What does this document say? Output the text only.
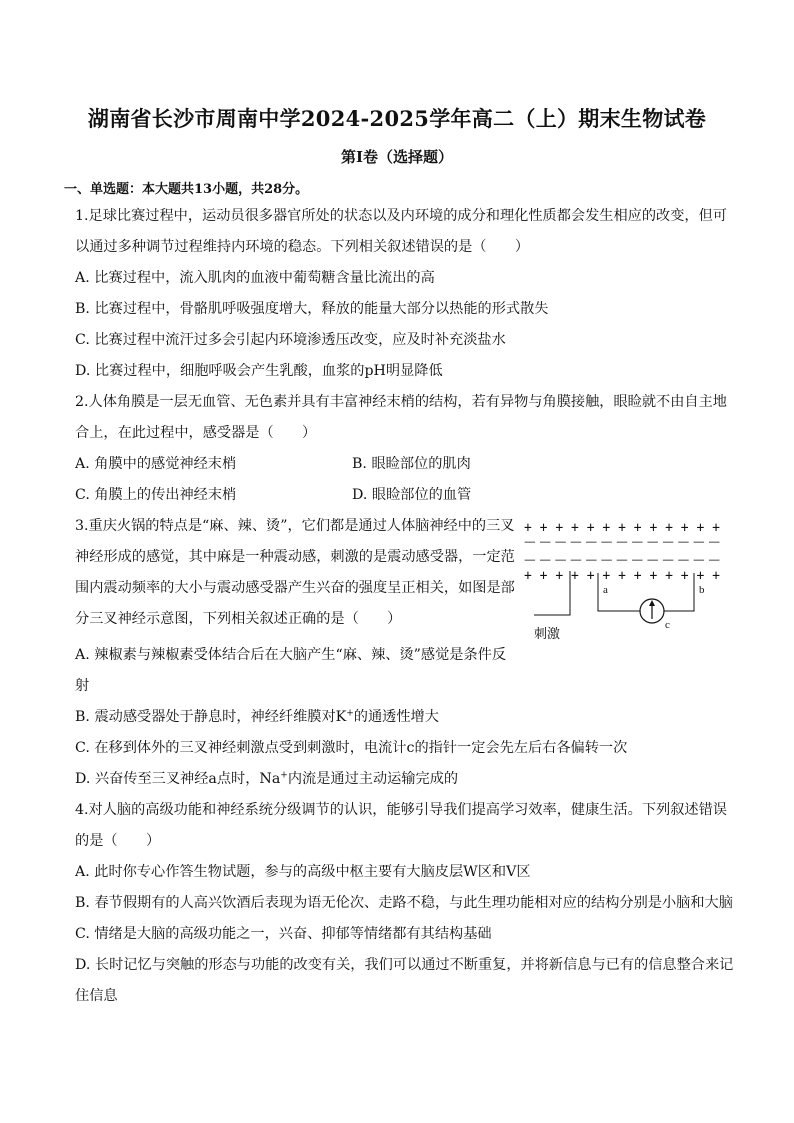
湖南省长沙市周南中学2024-2025学年高二（上）期末生物试卷
第I卷（选择题）
一、单选题：本大题共13小题，共28分。
1.足球比赛过程中，运动员很多器官所处的状态以及内环境的成分和理化性质都会发生相应的改变，但可
以通过多种调节过程维持内环境的稳态。下列相关叙述错误的是（　　）
A. 比赛过程中，流入肌肉的血液中葡萄糖含量比流出的高
B. 比赛过程中，骨骼肌呼吸强度增大，释放的能量大部分以热能的形式散失
C. 比赛过程中流汗过多会引起内环境渗透压改变，应及时补充淡盐水
D. 比赛过程中，细胞呼吸会产生乳酸，血浆的pH明显降低
2.人体角膜是一层无血管、无色素并具有丰富神经末梢的结构，若有异物与角膜接触，眼睑就不由自主地
合上，在此过程中，感受器是（　　）
A. 角膜中的感觉神经末梢	B. 眼睑部位的肌肉
C. 角膜上的传出神经末梢	D. 眼睑部位的血管
3.重庆火锅的特点是“麻、辣、烫”，它们都是通过人体脑神经中的三叉
神经形成的感觉，其中麻是一种震动感，刺激的是震动感受器，一定范
围内震动频率的大小与震动感受器产生兴奋的强度呈正相关，如图是部
分三叉神经示意图，下列相关叙述正确的是（　　）
A. 辣椒素与辣椒素受体结合后在大脑产生“麻、辣、烫”感觉是条件反
射
B. 震动感受器处于静息时，神经纤维膜对K+的通透性增大
C. 在移到体外的三叉神经刺激点受到刺激时，电流计c的指针一定会先左后右各偏转一次
D. 兴奋传至三叉神经a点时，Na+内流是通过主动运输完成的
4.对人脑的高级功能和神经系统分级调节的认识，能够引导我们提高学习效率，健康生活。下列叙述错误
的是（　　）
A. 此时你专心作答生物试题，参与的高级中枢主要有大脑皮层W区和V区
B. 春节假期有的人高兴饮酒后表现为语无伦次、走路不稳，与此生理功能相对应的结构分别是小脑和大脑
C. 情绪是大脑的高级功能之一，兴奋、抑郁等情绪都有其结构基础
D. 长时记忆与突触的形态与功能的改变有关，我们可以通过不断重复，并将新信息与已有的信息整合来记
住信息
+ + + + + + + + + + + + +
— — — — — — — — — — — — —
— — — — — — — — — — — — —
+ + + + + + + + + + + + +
a	b
c
刺激
